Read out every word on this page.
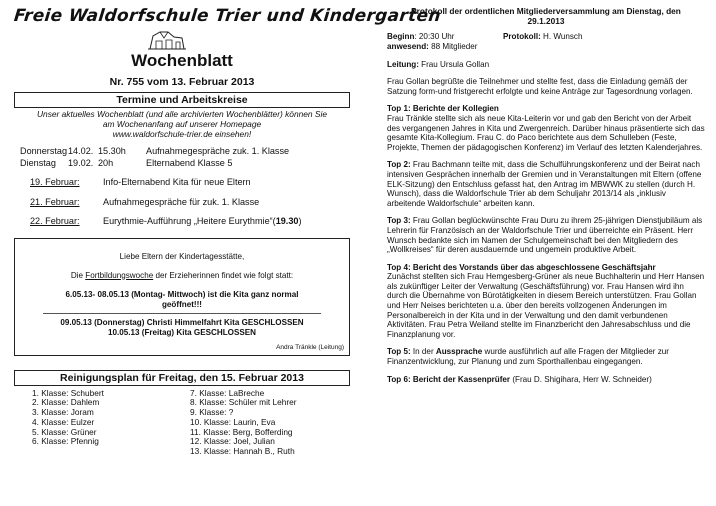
Freie Waldorfschule Trier und Kindergarten
Wochenblatt
Nr. 755 vom 13. Februar 2013
Termine und Arbeitskreise
Unser aktuelles Wochenblatt (und alle archivierten Wochenblätter) können Sie
am Wochenanfang auf unserer Homepage
www.waldorfschule-trier.de einsehen!
Donnerstag 14.02. 15.30h	Aufnahmegespräche zuk. 1. Klasse
Dienstag	19.02. 20h	Elternabend Klasse 5
19. Februar:	Info-Elternabend Kita für neue Eltern
21. Februar:	Aufnahmegespräche für zuk. 1. Klasse
22. Februar:	Eurythmie-Aufführung „Heitere Eurythmie“(19.30)
Liebe Eltern der Kindertagesstätte,
Die Fortbildungswoche der Erzieherinnen findet wie folgt statt:
6.05.13- 08.05.13 (Montag- Mittwoch) ist die Kita ganz normal
geöffnet!!!
09.05.13 (Donnerstag) Christi Himmelfahrt Kita GESCHLOSSEN
10.05.13 (Freitag) Kita GESCHLOSSEN
Andra Tränkle (Leitung)
Reinigungsplan für Freitag, den 15. Februar 2013
1. Klasse: Schubert
2. Klasse: Dahlem
3. Klasse: Joram
4. Klasse: Eulzer
5. Klasse: Grüner
6. Klasse: Pfennig
7. Klasse: LaBreche
8. Klasse: Schüler mit Lehrer
9. Klasse: ?
10. Klasse: Laurin, Eva
11. Klasse: Berg, Bofferding
12. Klasse: Joel, Julian
13. Klasse: Hannah B., Ruth
Protokoll der ordentlichen Mitgliederversammlung am Dienstag, den
29.1.2013
Beginn: 20:30 Uhr	Protokoll: H. Wunsch
anwesend: 88 Mitglieder
Leitung: Frau Ursula Gollan
Frau Gollan begrüßte die Teilnehmer und stellte fest, dass die Einladung gemäß der Satzung form-und fristgerecht erfolgte und keine Anträge zur Tagesordnung vorlagen.
Top 1: Berichte der Kollegien
Frau Tränkle stellte sich als neue Kita-Leiterin vor und gab den Bericht von der Arbeit des vergangenen Jahres in Kita und Zwergenreich. Darüber hinaus präsentierte sich das gesamte Kita-Kollegium. Frau C. do Paco berichtete aus dem Schulleben (Feste, Projekte, Themen der pädagogischen Konferenz) im Verlauf des letzten Kalenderjahres.
Top 2: Frau Bachmann teilte mit, dass die Schulführungskonferenz und der Beirat nach intensiven Gesprächen innerhalb der Gremien und in Veranstaltungen mit Eltern (offene ELK-Sitzung) den Entschluss gefasst hat, den Antrag im MBWWK zu stellen (durch H. Wunsch), dass die Waldorfschule Trier ab dem Schuljahr 2013/14 als „inklusiv arbeitende Waldorfschule“ arbeiten kann.
Top 3: Frau Gollan beglückwünschte Frau Duru zu ihrem 25-jährigen Dienstjubiläum als Lehrerin für Französisch an der Waldorfschule Trier und überreichte ein Präsent. Herr Wunsch bedankte sich im Namen der Schulgemeinschaft bei den Mitgliedern des „Wollkreises“ für deren ausdauernde und ungemein produktive Arbeit.
Top 4: Bericht des Vorstands über das abgeschlossene Geschäftsjahr
Zunächst stellten sich Frau Hemgesberg-Grüner als neue Buchhalterin und Herr Hansen als zukünftiger Leiter der Verwaltung (Geschäftsführung) vor. Frau Hansen wird ihn durch die Übernahme von Bürotätigkeiten in diesem Bereich unterstützen. Frau Gollan und Herr Neises berichteten u.a. über den bereits vollzogenen Änderungen im Personalbereich in der Kita und in der Verwaltung und den damit verbundenen Aktivitäten. Frau Petra Weiland stellte im Finanzbericht den Jahresabschluss und die Finanzplanung vor.
Top 5: In der Aussprache wurde ausführlich auf alle Fragen der Mitglieder zur Finanzentwicklung, zur Planung und zum Sporthallenbau eingegangen.
Top 6: Bericht der Kassenprüfer (Frau D. Shigihara, Herr W. Schneider)
